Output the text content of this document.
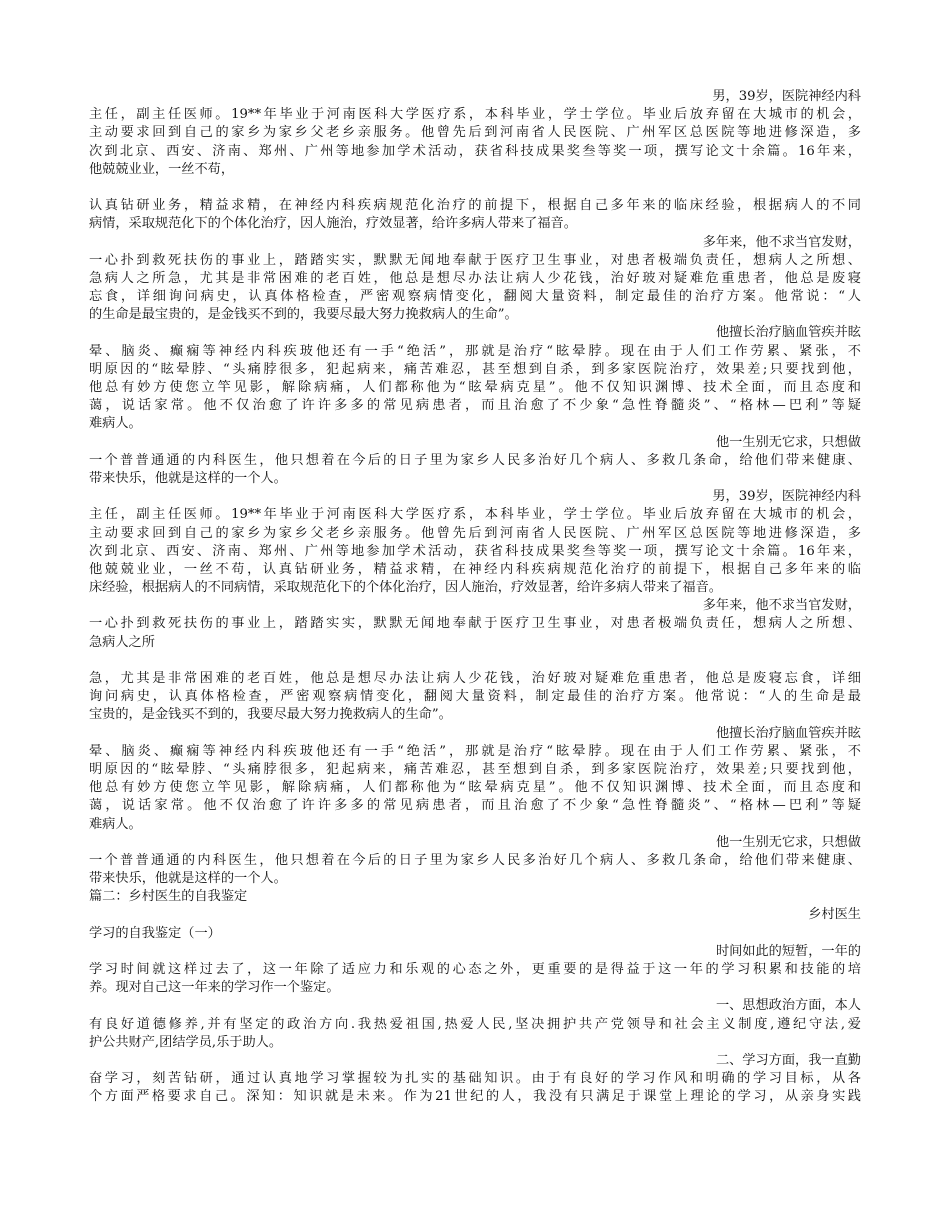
男，39岁，医院神经内科
主任，副主任医师。19**年毕业于河南医科大学医疗系，本科毕业，学士学位。毕业后放弃留在大城市的机会，
主动要求回到自己的家乡为家乡父老乡亲服务。他曾先后到河南省人民医院、广州军区总医院等地进修深造，多
次到北京、西安、济南、郑州、广州等地参加学术活动，获省科技成果奖叁等奖一项，撰写论文十余篇。16年来，
他兢兢业业，一丝不苟，
认真钻研业务，精益求精，在神经内科疾病规范化治疗的前提下，根据自己多年来的临床经验，根据病人的不同
病情，采取规范化下的个体化治疗，因人施治，疗效显著，给许多病人带来了福音。
多年来，他不求当官发财，
一心扑到救死扶伤的事业上，踏踏实实，默默无闻地奉献于医疗卫生事业，对患者极端负责任，想病人之所想、
急病人之所急，尤其是非常困难的老百姓，他总是想尽办法让病人少花钱，治好玻对疑难危重患者，他总是废寝
忘食，详细询问病史，认真体格检查，严密观察病情变化，翻阅大量资料，制定最佳的治疗方案。他常说：“人
的生命是最宝贵的，是金钱买不到的，我要尽最大努力挽救病人的生命”。
他擅长治疗脑血管疾并眩
晕、脑炎、癫痫等神经内科疾玻他还有一手“绝活”，那就是治疗“眩晕脖。现在由于人们工作劳累、紧张，不
明原因的“眩晕脖、“头痛脖很多，犯起病来，痛苦难忍，甚至想到自杀，到多家医院治疗，效果差;只要找到他，
他总有妙方使您立竿见影，解除病痛，人们都称他为“眩晕病克星”。他不仅知识渊博、技术全面，而且态度和
蔼，说话家常。他不仅治愈了许许多多的常见病患者，而且治愈了不少象“急性脊髓炎”、“格林—巴利”等疑
难病人。
他一生别无它求，只想做
一个普普通通的内科医生，他只想着在今后的日子里为家乡人民多治好几个病人、多救几条命，给他们带来健康、
带来快乐，他就是这样的一个人。
男，39岁，医院神经内科
主任，副主任医师。19**年毕业于河南医科大学医疗系，本科毕业，学士学位。毕业后放弃留在大城市的机会，
主动要求回到自己的家乡为家乡父老乡亲服务。他曾先后到河南省人民医院、广州军区总医院等地进修深造，多
次到北京、西安、济南、郑州、广州等地参加学术活动，获省科技成果奖叁等奖一项，撰写论文十余篇。16年来，
他兢兢业业，一丝不苟，认真钻研业务，精益求精，在神经内科疾病规范化治疗的前提下，根据自己多年来的临
床经验，根据病人的不同病情，采取规范化下的个体化治疗，因人施治，疗效显著，给许多病人带来了福音。
多年来，他不求当官发财，
一心扑到救死扶伤的事业上，踏踏实实，默默无闻地奉献于医疗卫生事业，对患者极端负责任，想病人之所想、
急病人之所
急，尤其是非常困难的老百姓，他总是想尽办法让病人少花钱，治好玻对疑难危重患者，他总是废寝忘食，详细
询问病史，认真体格检查，严密观察病情变化，翻阅大量资料，制定最佳的治疗方案。他常说：“人的生命是最
宝贵的，是金钱买不到的，我要尽最大努力挽救病人的生命”。
他擅长治疗脑血管疾并眩
晕、脑炎、癫痫等神经内科疾玻他还有一手“绝活”，那就是治疗“眩晕脖。现在由于人们工作劳累、紧张，不
明原因的“眩晕脖、“头痛脖很多，犯起病来，痛苦难忍，甚至想到自杀，到多家医院治疗，效果差;只要找到他，
他总有妙方使您立竿见影，解除病痛，人们都称他为“眩晕病克星”。他不仅知识渊博、技术全面，而且态度和
蔼，说话家常。他不仅治愈了许许多多的常见病患者，而且治愈了不少象“急性脊髓炎”、“格林—巴利”等疑
难病人。
他一生别无它求，只想做
一个普普通通的内科医生，他只想着在今后的日子里为家乡人民多治好几个病人、多救几条命，给他们带来健康、
带来快乐，他就是这样的一个人。
篇二：乡村医生的自我鉴定
乡村医生
学习的自我鉴定（一）
时间如此的短暂，一年的
学习时间就这样过去了，这一年除了适应力和乐观的心态之外，更重要的是得益于这一年的学习积累和技能的培
养。现对自己这一年来的学习作一个鉴定。
一、思想政治方面，本人
有良好道德修养,并有坚定的政治方向.我热爱祖国,热爱人民,坚决拥护共产党领导和社会主义制度,遵纪守法,爱
护公共财产,团结学员,乐于助人。
二、学习方面，我一直勤
奋学习，刻苦钻研，通过认真地学习掌握较为扎实的基础知识。由于有良好的学习作风和明确的学习目标，从各
个方面严格要求自己。深知：知识就是未来。作为21世纪的人，我没有只满足于课堂上理论的学习，从亲身实践
